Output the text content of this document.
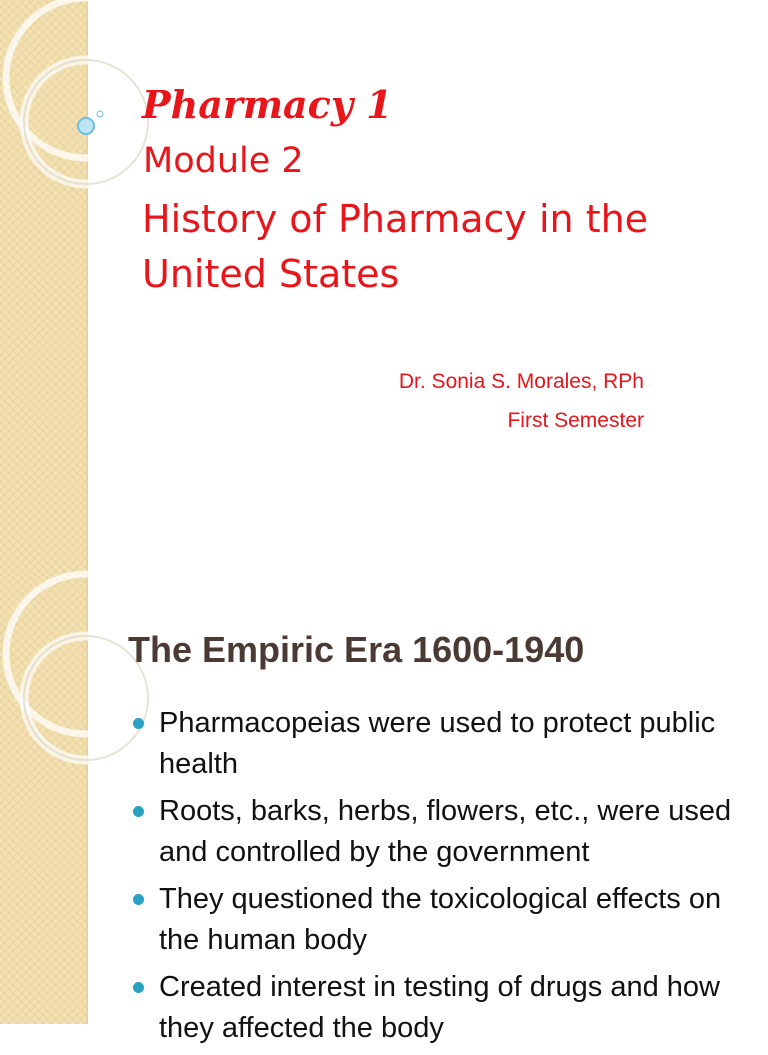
Pharmacy 1
Module 2
History of Pharmacy in the United States
Dr. Sonia S. Morales, RPh
First Semester
The Empiric Era 1600-1940
Pharmacopeias were used to protect public health
Roots, barks, herbs, flowers, etc., were used and controlled by the government
They questioned the toxicological effects on the human body
Created interest in testing of drugs and how they affected the body
